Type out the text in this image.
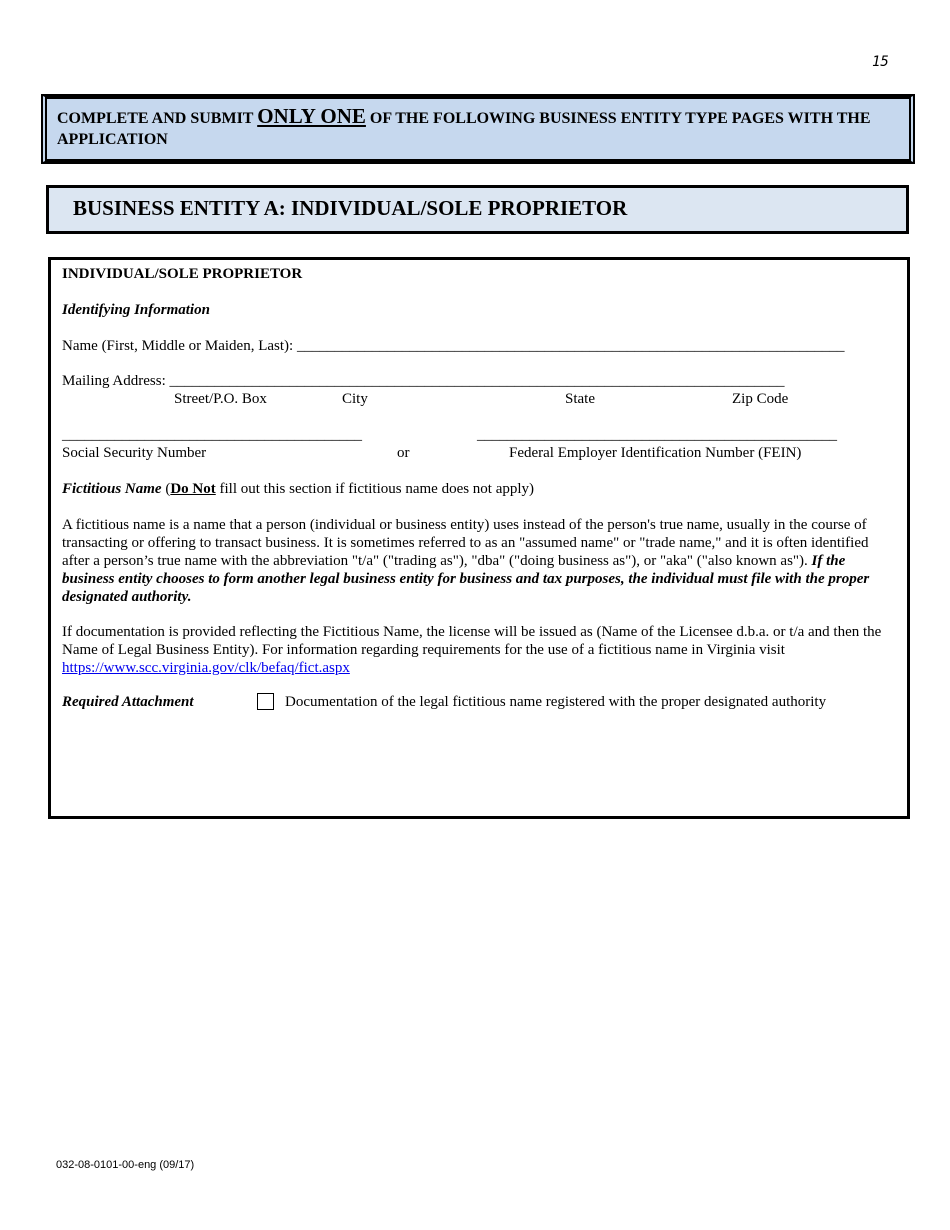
15
COMPLETE AND SUBMIT ONLY ONE OF THE FOLLOWING BUSINESS ENTITY TYPE PAGES WITH THE APPLICATION
BUSINESS ENTITY A: INDIVIDUAL/SOLE PROPRIETOR
INDIVIDUAL/SOLE PROPRIETOR
Identifying Information
Name (First, Middle or Maiden, Last): _________________________________________________________________________
Mailing Address: __________________________________________________________________________________
Street/P.O. Box	City	State	Zip Code
________________________________________	________________________________________________
Social Security Number	or	Federal Employer Identification Number (FEIN)
Fictitious Name (Do Not fill out this section if fictitious name does not apply)
A fictitious name is a name that a person (individual or business entity) uses instead of the person's true name, usually in the course of transacting or offering to transact business. It is sometimes referred to as an "assumed name" or "trade name," and it is often identified after a person’s true name with the abbreviation "t/a" ("trading as"), "dba" ("doing business as"), or "aka" ("also known as"). If the business entity chooses to form another legal business entity for business and tax purposes, the individual must file with the proper designated authority.
If documentation is provided reflecting the Fictitious Name, the license will be issued as (Name of the Licensee d.b.a. or t/a and then the Name of Legal Business Entity). For information regarding requirements for the use of a fictitious name in Virginia visit https://www.scc.virginia.gov/clk/befaq/fict.aspx
Required Attachment	Documentation of the legal fictitious name registered with the proper designated authority
032-08-0101-00-eng (09/17)
